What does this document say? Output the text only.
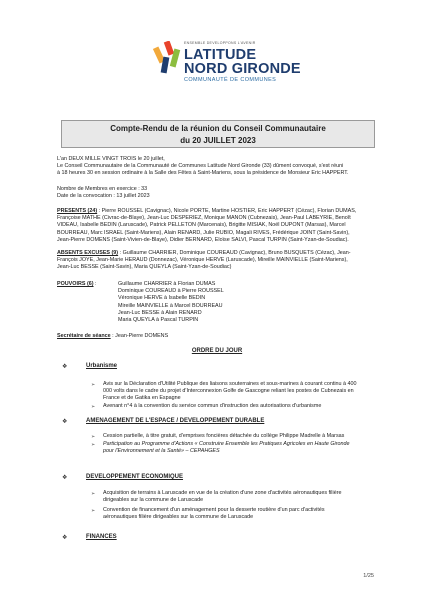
ENSEMBLE DEVELOPPONS L'AVENIR
LATITUDE
NORD GIRONDE
COMMUNAUTÉ DE COMMUNES
Compte-Rendu de la réunion du Conseil Communautaire
du 20 JUILLET 2023
L'an DEUX MILLE VINGT TROIS le 20 juillet,
Le Conseil Communautaire de la Communauté de Communes Latitude Nord Gironde (33) dûment convoqué, s'est réuni
à 18 heures 30 en session ordinaire à la Salle des Fêtes à Saint-Mariens, sous la présidence de Monsieur Eric HAPPERT.
Nombre de Membres en exercice : 33
Date de la convocation : 13 juillet 2023
PRESENTS (24) : Pierre ROUSSEL (Cavignac), Nicole PORTE, Martine HOSTIER, Eric HAPPERT (Cézac), Florian DUMAS,
Françoise MATHE (Civrac-de-Blaye), Jean-Luc DESPERIEZ, Monique MANON (Cubnezais), Jean-Paul LABEYRIE, Benoît
VIDEAU, Isabelle BEDIN (Laruscade), Patrick PELLETON (Marcenais), Brigitte MISIAK, Noël DUPONT (Marsas), Marcel
BOURREAU, Marc ISRAEL (Saint-Mariens), Alain RENARD, Julie RUBIO, Magali RIVES, Frédérique JOINT (Saint-Savin),
Jean-Pierre DOMENS (Saint-Vivien-de-Blaye), Didier BERNARD, Eloïse SALVI, Pascal TURPIN (Saint-Yzan-de-Soudiac).
ABSENTS EXCUSES (9) : Guillaume CHARRIER, Dominique COUREAUD (Cavignac), Bruno BUSQUETS (Cézac), Jean-
François JOYE, Jean-Marie HERAUD (Donnezac), Véronique HERVE (Laruscade), Mireille MAINVIELLE (Saint-Mariens),
Jean-Luc BESSE (Saint-Savin), Maria QUEYLA (Saint-Yzan-de-Soudiac)
POUVOIRS (6) :	Guillaume CHARRIER à Florian DUMAS
Dominique COUREAUD à Pierre ROUSSEL
Véronique HERVE à Isabelle BEDIN
Mireille MAINVIELLE à Marcel BOURREAU
Jean-Luc BESSE à Alain RENARD
Maria QUEYLA à Pascal TURPIN
Secrétaire de séance : Jean-Pierre DOMENS
ORDRE DU JOUR
❖	Urbanisme
➢ Avis sur la Déclaration d'Utilité Publique des liaisons souterraines et sous-marines à courant continu à 400
000 volts dans le cadre du projet d'Interconnexion Golfe de Gascogne reliant les postes de Cubnezais en
France et de Gatika en Espagne
➢ Avenant n°4 à la convention du service commun d'instruction des autorisations d'urbanisme
❖	AMENAGEMENT DE L'ESPACE / DEVELOPPEMENT DURABLE
➢ Cession partielle, à titre gratuit, d'emprises foncières détachée du collège Philippe Madrelle à Marsas
➢ Participation au Programme d'Actions « Construire Ensemble les Pratiques Agricoles en Haute Gironde
pour l'Environnement et la Santé» – CEPAHGES
❖	DEVELOPPEMENT ECONOMIQUE
➢ Acquisition de terrains à Laruscade en vue de la création d'une zone d'activités aéronautiques filière
dirigeables sur la commune de Laruscade
➢ Convention de financement d'un aménagement pour la desserte routière d'un parc d'activités
aéronautiques filière dirigeables sur la commune de Laruscade
❖	FINANCES
1/25
